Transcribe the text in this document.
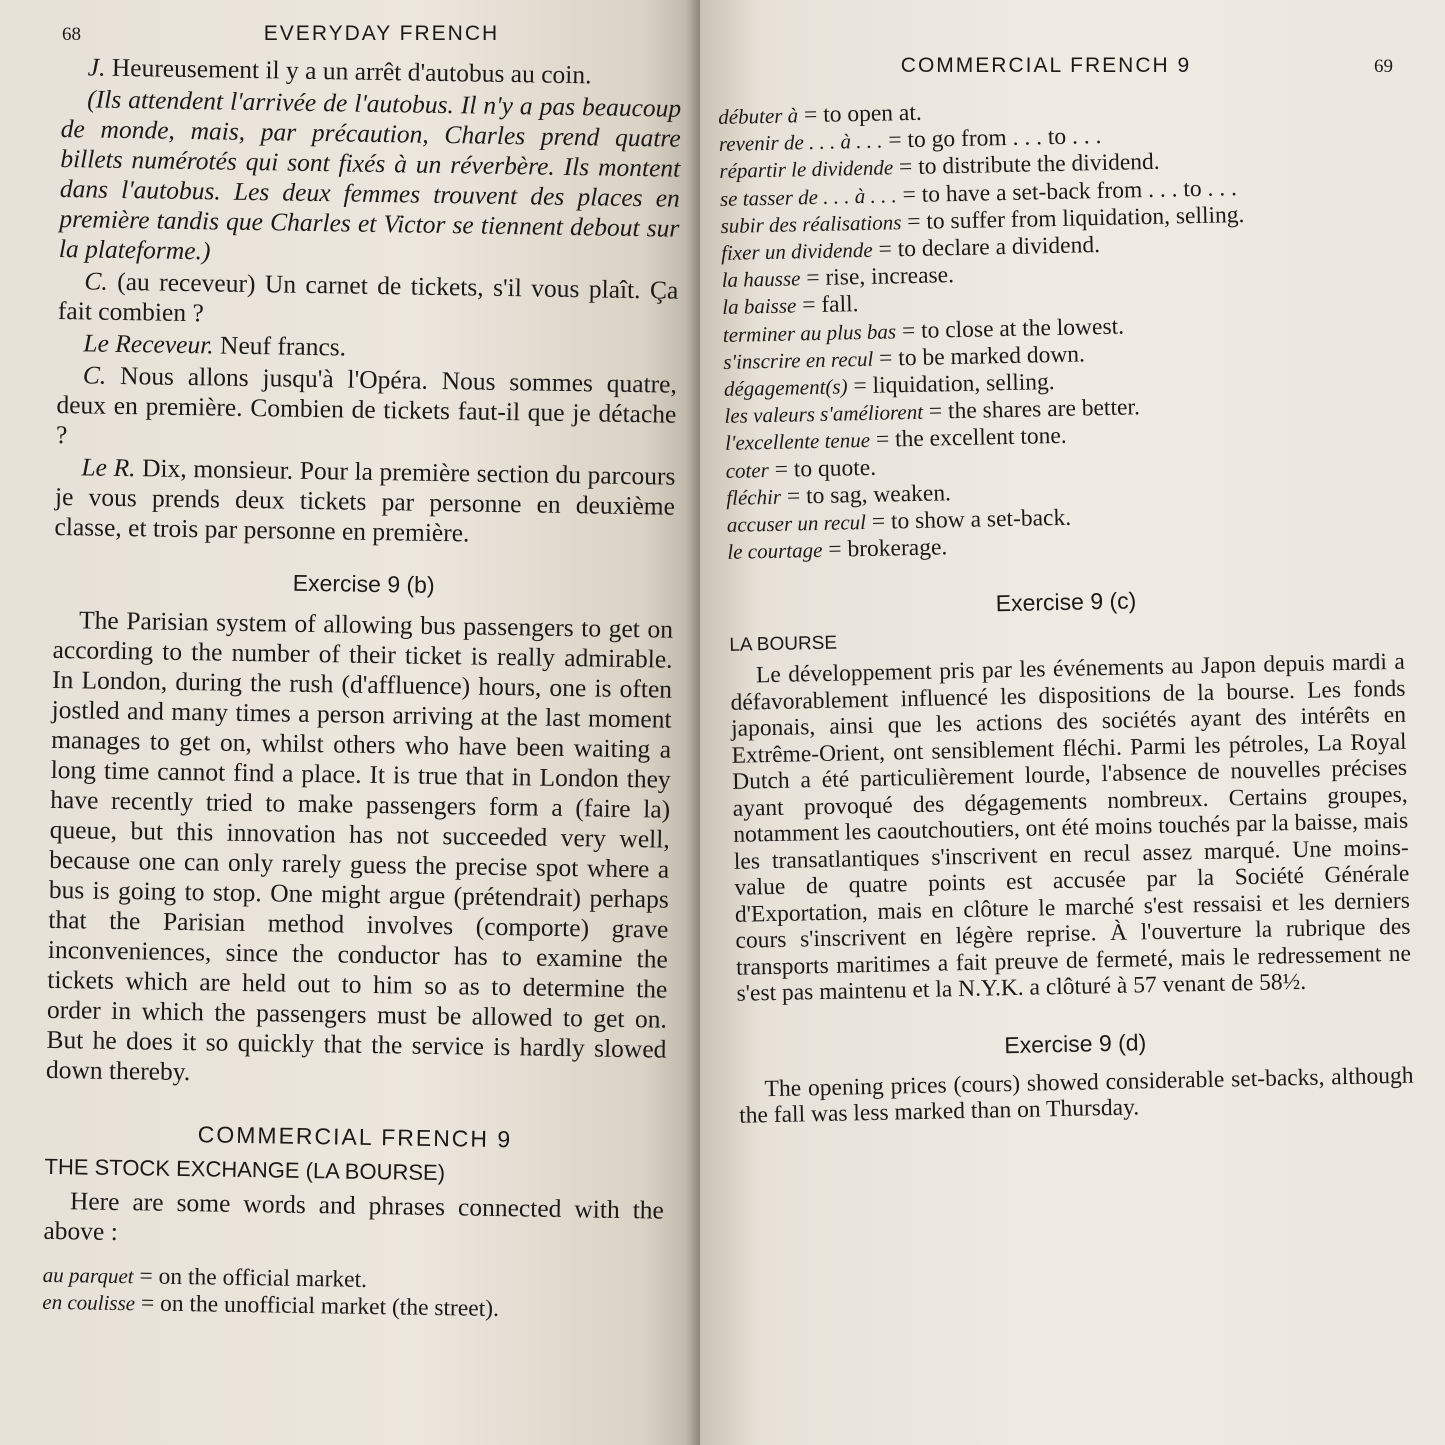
68	EVERYDAY FRENCH

J. Heureusement il y a un arrêt d'autobus au coin.

(Ils attendent l'arrivée de l'autobus. Il n'y a pas beaucoup de monde, mais, par précaution, Charles prend quatre billets numérotés qui sont fixés à un réverbère. Ils montent dans l'autobus. Les deux femmes trouvent des places en première tandis que Charles et Victor se tiennent debout sur la plateforme.)

C. (au receveur) Un carnet de tickets, s'il vous plaît. Ça fait combien ?

Le Receveur. Neuf francs.

C. Nous allons jusqu'à l'Opéra. Nous sommes quatre, deux en première. Combien de tickets faut-il que je détache ?

Le R. Dix, monsieur. Pour la première section du parcours je vous prends deux tickets par personne en deuxième classe, et trois par personne en première.

Exercise 9 (b)

The Parisian system of allowing bus passengers to get on according to the number of their ticket is really admirable. In London, during the rush (d'affluence) hours, one is often jostled and many times a person arriving at the last moment manages to get on, whilst others who have been waiting a long time cannot find a place. It is true that in London they have recently tried to make passengers form a (faire la) queue, but this innovation has not succeeded very well, because one can only rarely guess the precise spot where a bus is going to stop. One might argue (prétendrait) perhaps that the Parisian method involves (comporte) grave inconveniences, since the conductor has to examine the tickets which are held out to him so as to determine the order in which the passengers must be allowed to get on. But he does it so quickly that the service is hardly slowed down thereby.

COMMERCIAL FRENCH 9
THE STOCK EXCHANGE (LA BOURSE)

Here are some words and phrases connected with the above :

au parquet = on the official market.
en coulisse = on the unofficial market (the street).
COMMERCIAL FRENCH 9	69
débuter à = to open at.
revenir de . . . à . . . = to go from . . . to . . .
répartir le dividende = to distribute the dividend.
se tasser de . . . à . . . = to have a set-back from . . . to . . .
subir des réalisations = to suffer from liquidation, selling.
fixer un dividende = to declare a dividend.
la hausse = rise, increase.
la baisse = fall.
terminer au plus bas = to close at the lowest.
s'inscrire en recul = to be marked down.
dégagement(s) = liquidation, selling.
les valeurs s'améliorent = the shares are better.
l'excellente tenue = the excellent tone.
coter = to quote.
fléchir = to sag, weaken.
accuser un recul = to show a set-back.
le courtage = brokerage.
Exercise 9 (c)
LA BOURSE

Le développement pris par les événements au Japon depuis mardi a défavorablement influencé les dispositions de la bourse. Les fonds japonais, ainsi que les actions des sociétés ayant des intérêts en Extrême-Orient, ont sensiblement fléchi. Parmi les pétroles, La Royal Dutch a été particulièrement lourde, l'absence de nouvelles précises ayant provoqué des dégagements nombreux. Certains groupes, notamment les caoutchoutiers, ont été moins touchés par la baisse, mais les transatlantiques s'inscrivent en recul assez marqué. Une moins-value de quatre points est accusée par la Société Générale d'Exportation, mais en clôture le marché s'est ressaisi et les derniers cours s'inscrivent en légère reprise. À l'ouverture la rubrique des transports maritimes a fait preuve de fermeté, mais le redressement ne s'est pas maintenu et la N.Y.K. a clôturé à 57 venant de 58½.

Exercise 9 (d)

The opening prices (cours) showed considerable set-backs, although the fall was less marked than on Thursday.
